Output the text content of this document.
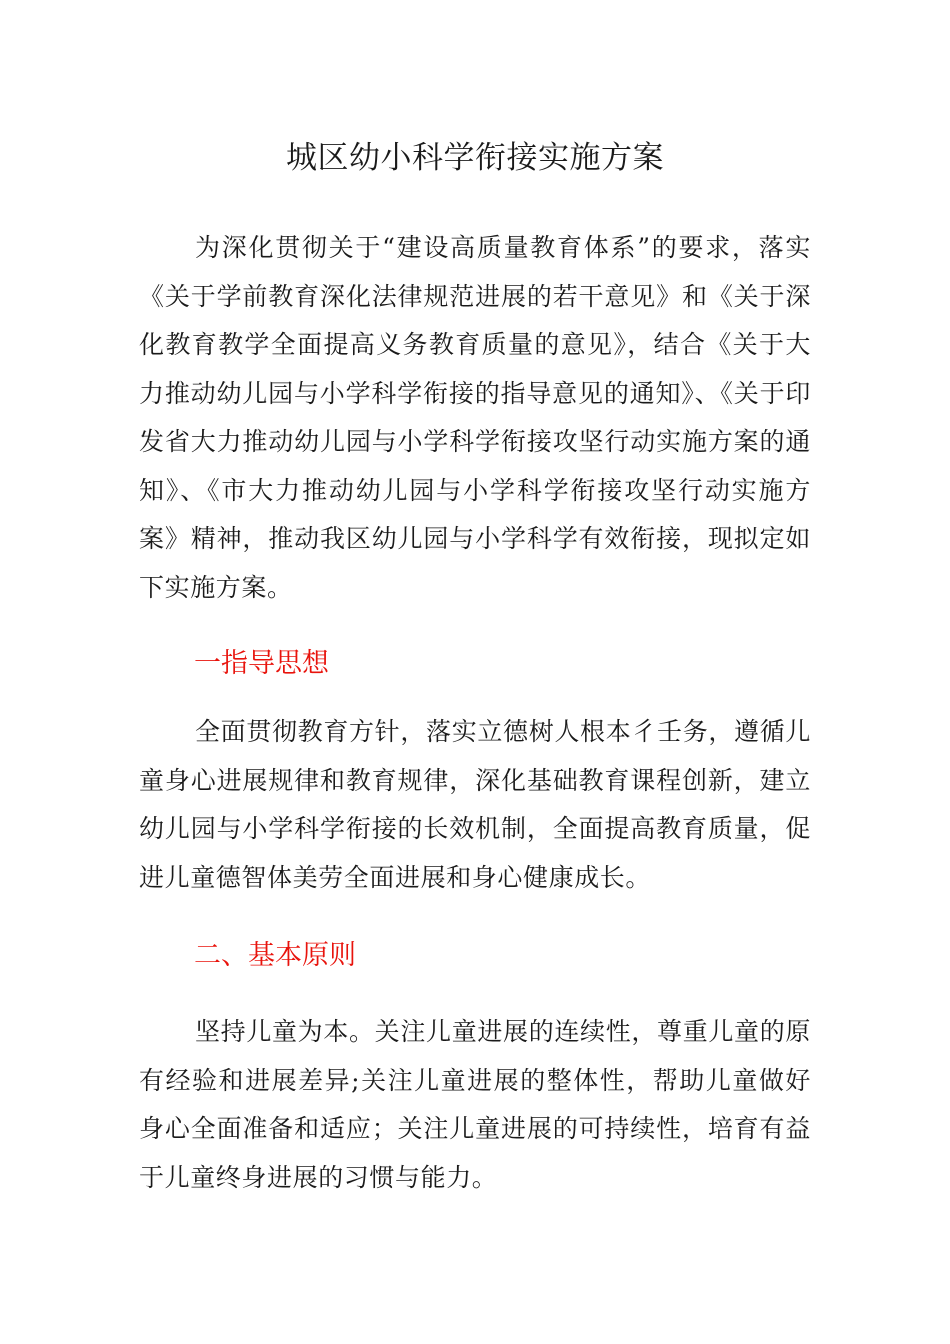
城区幼小科学衔接实施方案

为深化贯彻关于“建设高质量教育体系”的要求，落实《关于学前教育深化法律规范进展的若干意见》和《关于深化教育教学全面提高义务教育质量的意见》，结合《关于大力推动幼儿园与小学科学衔接的指导意见的通知》、《关于印发省大力推动幼儿园与小学科学衔接攻坚行动实施方案的通知》、《市大力推动幼儿园与小学科学衔接攻坚行动实施方案》精神，推动我区幼儿园与小学科学有效衔接，现拟定如下实施方案。

一指导思想

全面贯彻教育方针，落实立德树人根本彳壬务，遵循儿童身心进展规律和教育规律，深化基础教育课程创新，建立幼儿园与小学科学衔接的长效机制，全面提高教育质量，促进儿童德智体美劳全面进展和身心健康成长。

二、基本原则

坚持儿童为本。关注儿童进展的连续性，尊重儿童的原有经验和进展差异;关注儿童进展的整体性，帮助儿童做好身心全面准备和适应；关注儿童进展的可持续性，培育有益于儿童终身进展的习惯与能力。
